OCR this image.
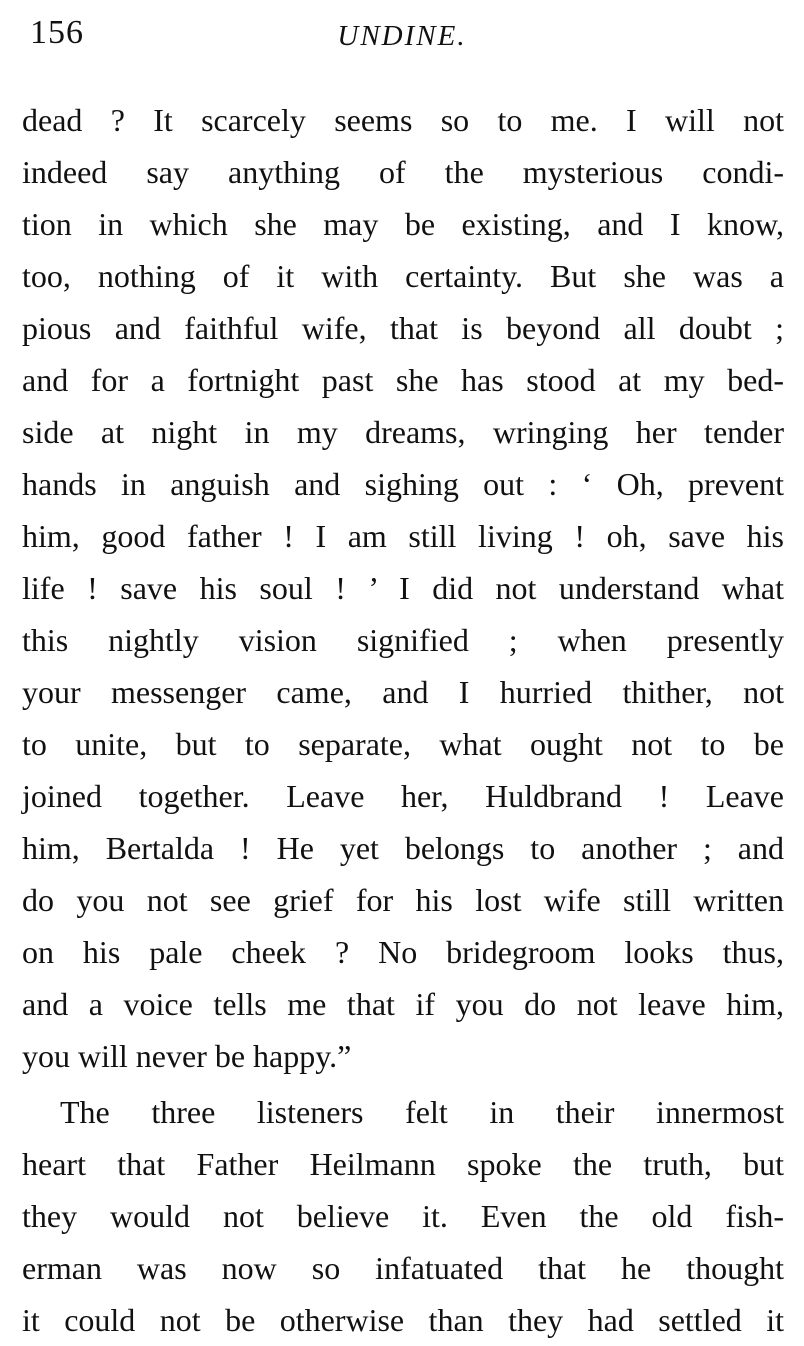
156	UNDINE.
dead ? It scarcely seems so to me. I will not
indeed say anything of the mysterious condi-
tion in which she may be existing, and I know,
too, nothing of it with certainty. But she was a
pious and faithful wife, that is beyond all doubt ;
and for a fortnight past she has stood at my bed-
side at night in my dreams, wringing her tender
hands in anguish and sighing out : ‘ Oh, prevent
him, good father ! I am still living ! oh, save his
life ! save his soul ! ’ I did not understand what
this nightly vision signified ; when presently
your messenger came, and I hurried thither, not
to unite, but to separate, what ought not to be
joined together. Leave her, Huldbrand ! Leave
him, Bertalda ! He yet belongs to another ; and
do you not see grief for his lost wife still written
on his pale cheek ? No bridegroom looks thus,
and a voice tells me that if you do not leave him,
you will never be happy.”
The three listeners felt in their innermost
heart that Father Heilmann spoke the truth, but
they would not believe it. Even the old fish-
erman was now so infatuated that he thought
it could not be otherwise than they had settled it
